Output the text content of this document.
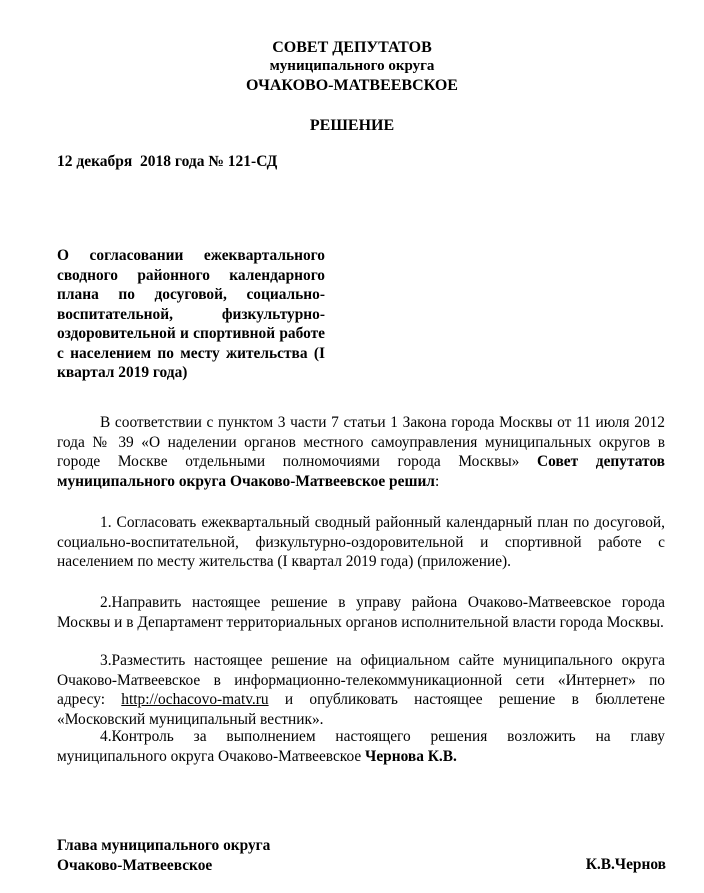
СОВЕТ ДЕПУТАТОВ

муниципального округа

ОЧАКОВО-МАТВЕЕВСКОЕ

РЕШЕНИЕ

12 декабря  2018 года № 121-СД

О согласовании ежеквартального сводного районного календарного плана по досуговой, социально-воспитательной, физкультурно-оздоровительной и спортивной работе с населением по месту жительства (I квартал 2019 года)

В соответствии с пунктом 3 части 7 статьи 1 Закона города Москвы от 11 июля 2012 года № 39 «О наделении органов местного самоуправления муниципальных округов в городе Москве отдельными полномочиями города Москвы» Совет депутатов муниципального округа Очаково-Матвеевское решил:

1. Согласовать ежеквартальный сводный районный календарный план по досуговой, социально-воспитательной, физкультурно-оздоровительной и спортивной работе с населением по месту жительства (I квартал 2019 года) (приложение).

2.Направить настоящее решение в управу района Очаково-Матвеевское города Москвы и в Департамент территориальных органов исполнительной власти города Москвы.

3.Разместить настоящее решение на официальном сайте муниципального округа Очаково-Матвеевское в информационно-телекоммуникационной сети «Интернет» по адресу: http://ochacovo-matv.ru и опубликовать настоящее решение в бюллетене «Московский муниципальный вестник».

4.Контроль за выполнением настоящего решения возложить на главу муниципального округа Очаково-Матвеевское Чернова К.В.

Глава муниципального округа
Очаково-Матвеевское	К.В.Чернов
